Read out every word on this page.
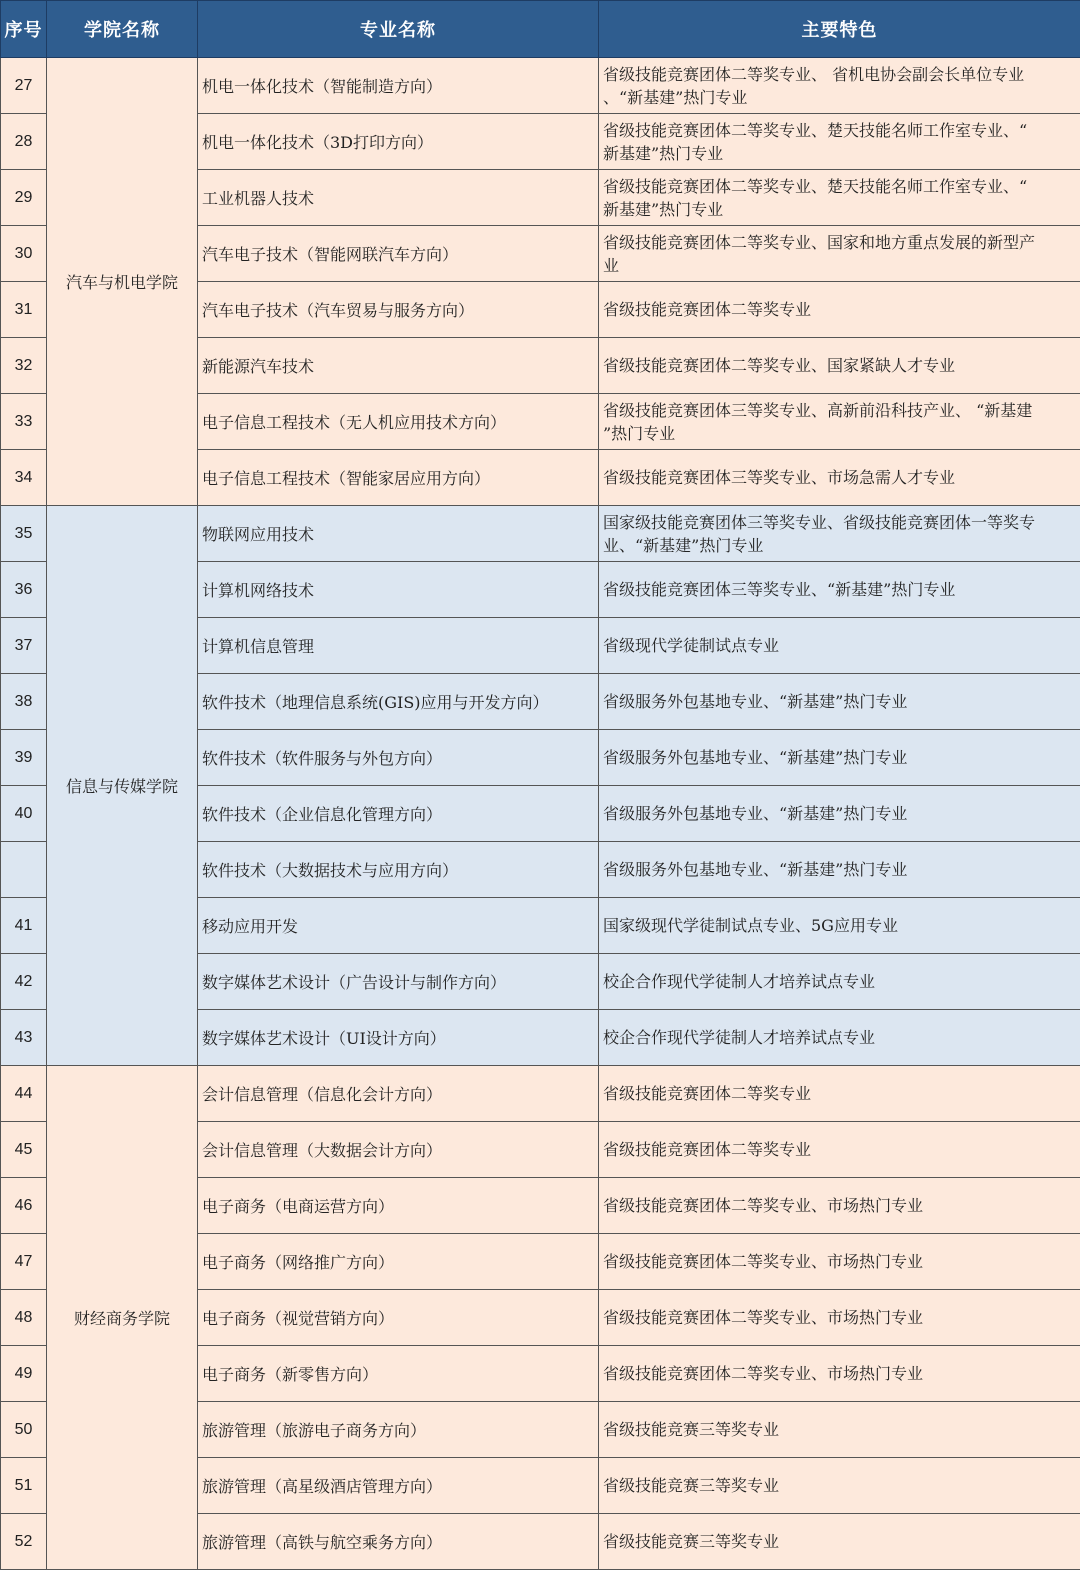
序号	学院名称	专业名称	主要特色
27	汽车与机电学院	机电一体化技术（智能制造方向）	省级技能竞赛团体二等奖专业、 省机电协会副会长单位专业
、“新基建”热门专业

28		机电一体化技术（3D打印方向）	省级技能竞赛团体二等奖专业、楚天技能名师工作室专业、“
新基建”热门专业

29		工业机器人技术	省级技能竞赛团体二等奖专业、楚天技能名师工作室专业、“
新基建”热门专业

30		汽车电子技术（智能网联汽车方向）	省级技能竞赛团体二等奖专业、国家和地方重点发展的新型产
业

31		汽车电子技术（汽车贸易与服务方向）	省级技能竞赛团体二等奖专业

32		新能源汽车技术	省级技能竞赛团体二等奖专业、国家紧缺人才专业

33		电子信息工程技术（无人机应用技术方向）	省级技能竞赛团体三等奖专业、高新前沿科技产业、 “新基建
”热门专业

34		电子信息工程技术（智能家居应用方向）	省级技能竞赛团体三等奖专业、市场急需人才专业

35	信息与传媒学院	物联网应用技术	国家级技能竞赛团体三等奖专业、省级技能竞赛团体一等奖专
业、“新基建”热门专业

36		计算机网络技术	省级技能竞赛团体三等奖专业、“新基建”热门专业

37		计算机信息管理	省级现代学徒制试点专业

38		软件技术（地理信息系统(GIS)应用与开发方向）	省级服务外包基地专业、“新基建”热门专业

39		软件技术（软件服务与外包方向）	省级服务外包基地专业、“新基建”热门专业

40		软件技术（企业信息化管理方向）	省级服务外包基地专业、“新基建”热门专业

		软件技术（大数据技术与应用方向）	省级服务外包基地专业、“新基建”热门专业

41		移动应用开发	国家级现代学徒制试点专业、5G应用专业

42		数字媒体艺术设计（广告设计与制作方向）	校企合作现代学徒制人才培养试点专业

43		数字媒体艺术设计（UI设计方向）	校企合作现代学徒制人才培养试点专业

44	财经商务学院	会计信息管理（信息化会计方向）	省级技能竞赛团体二等奖专业

45		会计信息管理（大数据会计方向）	省级技能竞赛团体二等奖专业

46		电子商务（电商运营方向）	省级技能竞赛团体二等奖专业、市场热门专业

47		电子商务（网络推广方向）	省级技能竞赛团体二等奖专业、市场热门专业

48		电子商务（视觉营销方向）	省级技能竞赛团体二等奖专业、市场热门专业

49		电子商务（新零售方向）	省级技能竞赛团体二等奖专业、市场热门专业

50		旅游管理（旅游电子商务方向）	省级技能竞赛三等奖专业

51		旅游管理（高星级酒店管理方向）	省级技能竞赛三等奖专业

52		旅游管理（高铁与航空乘务方向）	省级技能竞赛三等奖专业
